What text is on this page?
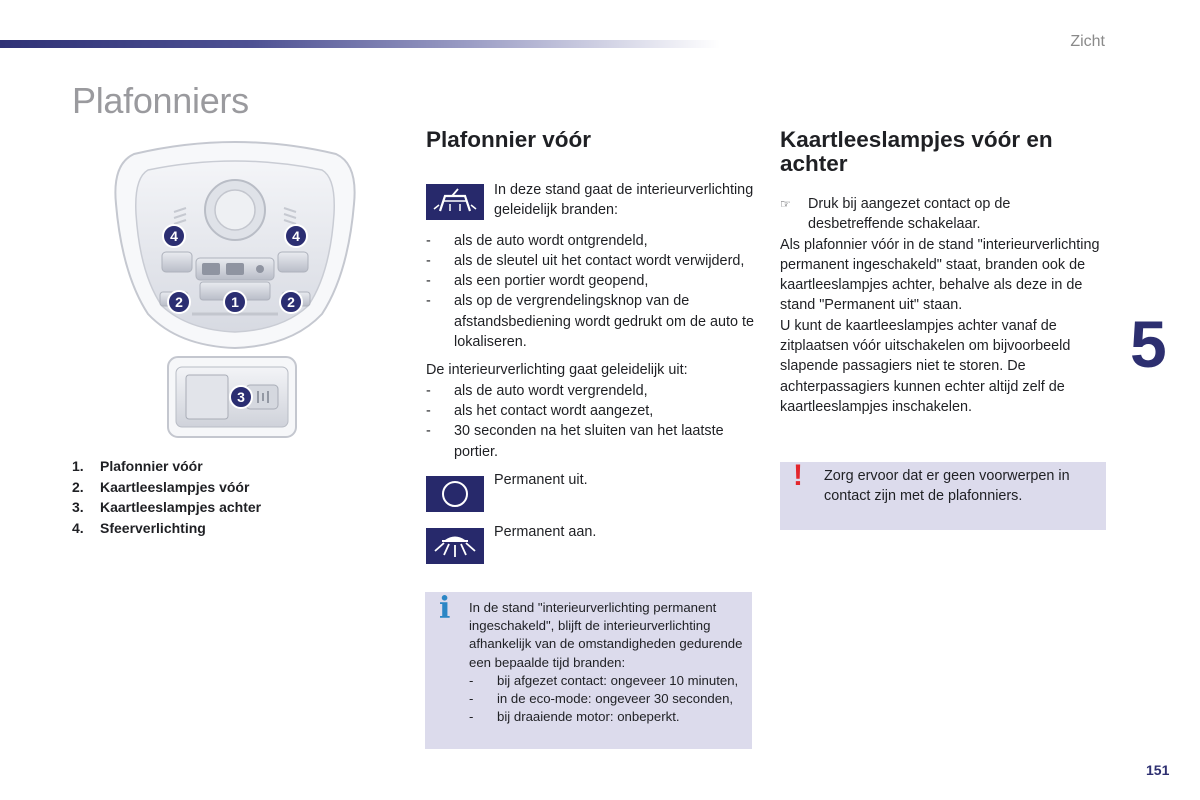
Zicht
Plafonniers
4	4
2	1	2
3
1.	Plafonnier vóór
2.	Kaartleeslampjes vóór
3.	Kaartleeslampjes achter
4.	Sfeerverlichting
Plafonnier vóór
In deze stand gaat de interieurverlichting geleidelijk branden:
-	als de auto wordt ontgrendeld,
-	als de sleutel uit het contact wordt verwijderd,
-	als een portier wordt geopend,
-	als op de vergrendelingsknop van de afstandsbediening wordt gedrukt om de auto te lokaliseren.
De interieurverlichting gaat geleidelijk uit:
-	als de auto wordt vergrendeld,
-	als het contact wordt aangezet,
-	30 seconden na het sluiten van het laatste portier.
Permanent uit.
Permanent aan.
i In de stand "interieurverlichting permanent ingeschakeld", blijft de interieurverlichting afhankelijk van de omstandigheden gedurende een bepaalde tijd branden:
-	bij afgezet contact: ongeveer 10 minuten,
-	in de eco-mode: ongeveer 30 seconden,
-	bij draaiende motor: onbeperkt.
Kaartleeslampjes vóór en achter
☞	Druk bij aangezet contact op de desbetreffende schakelaar.
Als plafonnier vóór in de stand "interieurverlichting permanent ingeschakeld" staat, branden ook de kaartleeslampjes achter, behalve als deze in de stand "Permanent uit" staan.
U kunt de kaartleeslampjes achter vanaf de zitplaatsen vóór uitschakelen om bijvoorbeeld slapende passagiers niet te storen. De achterpassagiers kunnen echter altijd zelf de kaartleeslampjes inschakelen.
! Zorg ervoor dat er geen voorwerpen in contact zijn met de plafonniers.
5
151
